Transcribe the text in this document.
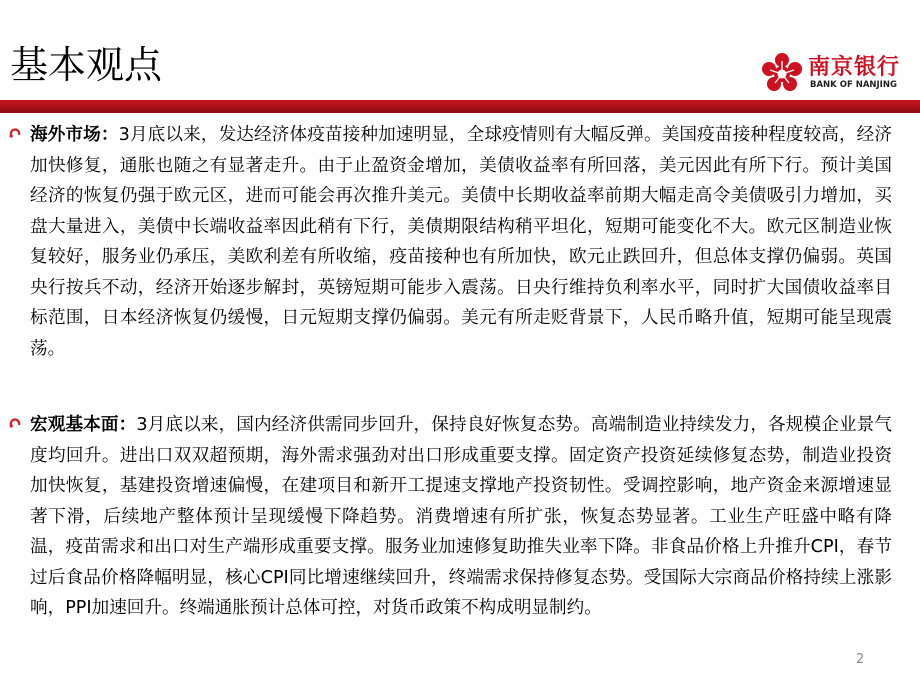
基本观点	南京银行
BANK OF NANJING

海外市场：3月底以来，发达经济体疫苗接种加速明显，全球疫情则有大幅反弹。美国疫苗接种程度较高，经济加快修复，通胀也随之有显著走升。由于止盈资金增加，美债收益率有所回落，美元因此有所下行。预计美国经济的恢复仍强于欧元区，进而可能会再次推升美元。美债中长期收益率前期大幅走高令美债吸引力增加，买盘大量进入，美债中长端收益率因此稍有下行，美债期限结构稍平坦化，短期可能变化不大。欧元区制造业恢复较好，服务业仍承压，美欧利差有所收缩，疫苗接种也有所加快，欧元止跌回升，但总体支撑仍偏弱。英国央行按兵不动，经济开始逐步解封，英镑短期可能步入震荡。日央行维持负利率水平，同时扩大国债收益率目标范围，日本经济恢复仍缓慢，日元短期支撑仍偏弱。美元有所走贬背景下，人民币略升值，短期可能呈现震荡。

宏观基本面：3月底以来，国内经济供需同步回升，保持良好恢复态势。高端制造业持续发力，各规模企业景气度均回升。进出口双双超预期，海外需求强劲对出口形成重要支撑。固定资产投资延续修复态势，制造业投资加快恢复，基建投资增速偏慢，在建项目和新开工提速支撑地产投资韧性。受调控影响，地产资金来源增速显著下滑，后续地产整体预计呈现缓慢下降趋势。消费增速有所扩张，恢复态势显著。工业生产旺盛中略有降温，疫苗需求和出口对生产端形成重要支撑。服务业加速修复助推失业率下降。非食品价格上升推升CPI，春节过后食品价格降幅明显，核心CPI同比增速继续回升，终端需求保持修复态势。受国际大宗商品价格持续上涨影响，PPI加速回升。终端通胀预计总体可控，对货币政策不构成明显制约。

2
